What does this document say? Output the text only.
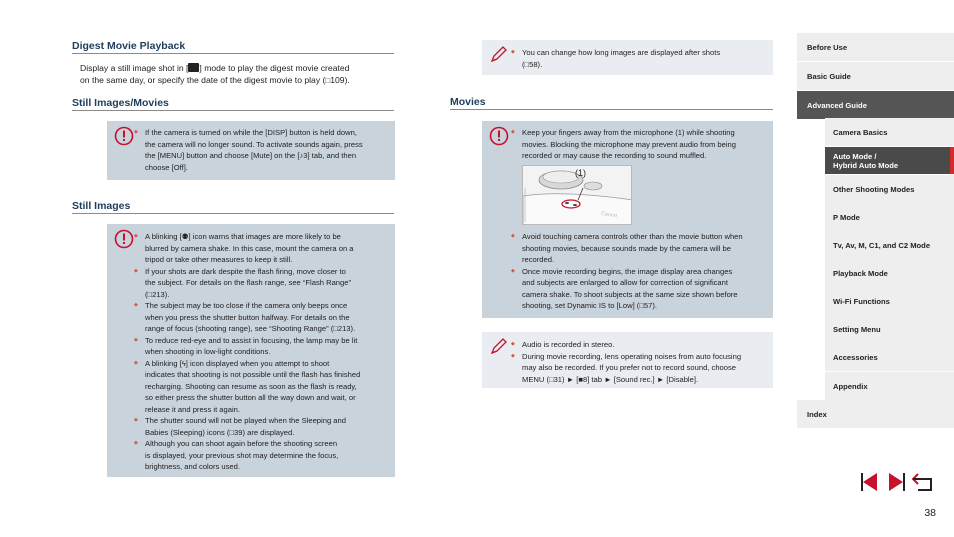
Digest Movie Playback
Display a still image shot in [ ] mode to play the digest movie created
on the same day, or specify the date of the digest movie to play (□109).
Still Images/Movies
◆ If the camera is turned on while the [DISP] button is held down,
the camera will no longer sound. To activate sounds again, press
the [MENU] button and choose [Mute] on the [♪3] tab, and then
choose [Off].
Still Images
◆ A blinking [⚉] icon warns that images are more likely to be
blurred by camera shake. In this case, mount the camera on a
tripod or take other measures to keep it still.
◆ If your shots are dark despite the flash firing, move closer to
the subject. For details on the flash range, see “Flash Range”
(□213).
◆ The subject may be too close if the camera only beeps once
when you press the shutter button halfway. For details on the
range of focus (shooting range), see “Shooting Range” (□213).
◆ To reduce red-eye and to assist in focusing, the lamp may be lit
when shooting in low-light conditions.
◆ A blinking [ϟ] icon displayed when you attempt to shoot
indicates that shooting is not possible until the flash has finished
recharging. Shooting can resume as soon as the flash is ready,
so either press the shutter button all the way down and wait, or
release it and press it again.
◆ The shutter sound will not be played when the Sleeping and
Babies (Sleeping) icons (□39) are displayed.
◆ Although you can shoot again before the shooting screen
is displayed, your previous shot may determine the focus,
brightness, and colors used.
◆ You can change how long images are displayed after shots
(□58).
Movies
◆ Keep your fingers away from the microphone (1) while shooting
movies. Blocking the microphone may prevent audio from being
recorded or may cause the recording to sound muffled.
(1)
Canon
◆ Avoid touching camera controls other than the movie button when
shooting movies, because sounds made by the camera will be
recorded.
◆ Once movie recording begins, the image display area changes
and subjects are enlarged to allow for correction of significant
camera shake. To shoot subjects at the same size shown before
shooting, set Dynamic IS to [Low] (□57).
◆ Audio is recorded in stereo.
◆ During movie recording, lens operating noises from auto focusing
may also be recorded. If you prefer not to record sound, choose
MENU (□31) ► [■8] tab ► [Sound rec.] ► [Disable].
Before Use
Basic Guide
Advanced Guide
Camera Basics
Auto Mode /
Hybrid Auto Mode
Other Shooting Modes
P Mode
Tv, Av, M, C1, and C2 Mode
Playback Mode
Wi-Fi Functions
Setting Menu
Accessories
Appendix
Index
38
